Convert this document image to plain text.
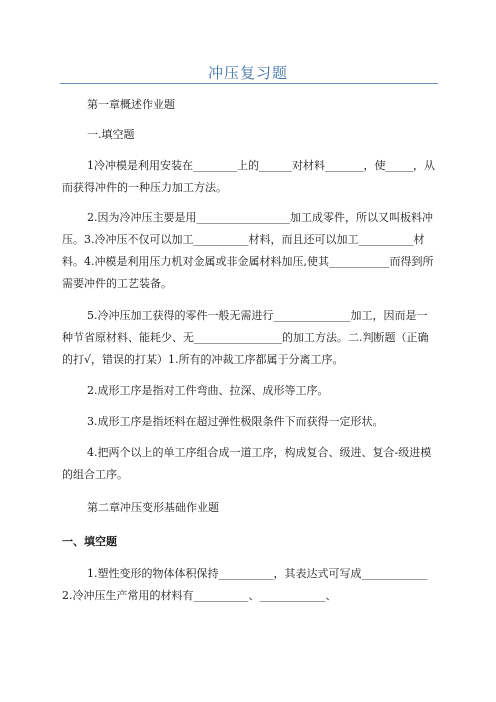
冲压复习题

第一章概述作业题

一.填空题

1冷冲模是利用安装在________上的______对材料_______，使_____，从而获得冲件的一种压力加工方法。

2.因为冷冲压主要是用_________________加工成零件，所以又叫板料冲压。3.冷冲压不仅可以加工__________材料，而且还可以加工__________材料。4.冲模是利用压力机对金属或非金属材料加压,使其___________而得到所需要冲件的工艺装备。

5.冷冲压加工获得的零件一般无需进行______________加工，因而是一种节省原材料、能耗少、无________________的加工方法。二.判断题（正确的打√，错误的打某）1.所有的冲裁工序都属于分离工序。

2.成形工序是指对工件弯曲、拉深、成形等工序。

3.成形工序是指坯料在超过弹性极限条件下而获得一定形状。

4.把两个以上的单工序组合成一道工序，构成复合、级进、复合-级进模的组合工序。

第二章冲压变形基础作业题

一、填空题

1.塑性变形的物体体积保持__________，其表达式可写成____________2.冷冲压生产常用的材料有__________、____________、
